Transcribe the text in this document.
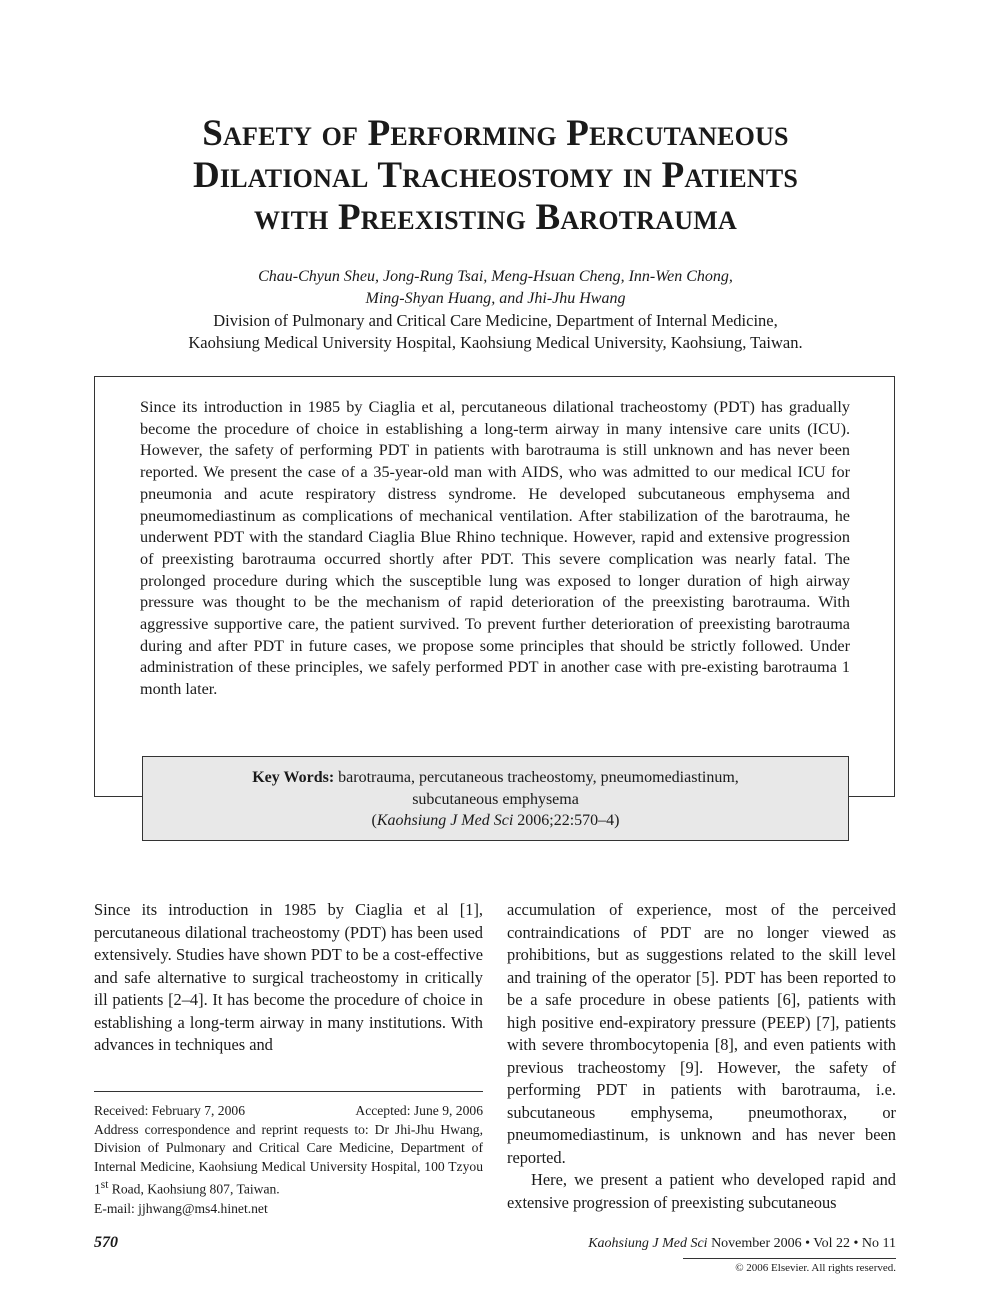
Safety of Performing Percutaneous
Dilational Tracheostomy in Patients
with Preexisting Barotrauma
Chau-Chyun Sheu, Jong-Rung Tsai, Meng-Hsuan Cheng, Inn-Wen Chong,
Ming-Shyan Huang, and Jhi-Jhu Hwang
Division of Pulmonary and Critical Care Medicine, Department of Internal Medicine,
Kaohsiung Medical University Hospital, Kaohsiung Medical University, Kaohsiung, Taiwan.
Since its introduction in 1985 by Ciaglia et al, percutaneous dilational tracheostomy (PDT) has gradually become the procedure of choice in establishing a long-term airway in many intensive care units (ICU). However, the safety of performing PDT in patients with barotrauma is still unknown and has never been reported. We present the case of a 35-year-old man with AIDS, who was admitted to our medical ICU for pneumonia and acute respiratory distress syndrome. He developed subcutaneous emphysema and pneumomediastinum as complications of mechanical ventilation. After stabilization of the barotrauma, he underwent PDT with the standard Ciaglia Blue Rhino technique. However, rapid and extensive progression of preexisting barotrauma occurred shortly after PDT. This severe complication was nearly fatal. The prolonged procedure during which the susceptible lung was exposed to longer duration of high airway pressure was thought to be the mechanism of rapid deterioration of the preexisting barotrauma. With aggressive supportive care, the patient survived. To prevent further deterioration of preexisting barotrauma during and after PDT in future cases, we propose some principles that should be strictly followed. Under administration of these principles, we safely performed PDT in another case with pre-existing barotrauma 1 month later.
Key Words: barotrauma, percutaneous tracheostomy, pneumomediastinum,
subcutaneous emphysema
(Kaohsiung J Med Sci 2006;22:570–4)

Since its introduction in 1985 by Ciaglia et al [1], percutaneous dilational tracheostomy (PDT) has been used extensively. Studies have shown PDT to be a cost-effective and safe alternative to surgical tracheostomy in critically ill patients [2–4]. It has become the procedure of choice in establishing a long-term airway in many institutions. With advances in techniques and

accumulation of experience, most of the perceived contraindications of PDT are no longer viewed as prohibitions, but as suggestions related to the skill level and training of the operator [5]. PDT has been reported to be a safe procedure in obese patients [6], patients with high positive end-expiratory pressure (PEEP) [7], patients with severe thrombocytopenia [8], and even patients with previous tracheostomy [9]. However, the safety of performing PDT in patients with barotrauma, i.e. subcutaneous emphysema, pneumothorax, or pneumomediastinum, is unknown and has never been reported.

Here, we present a patient who developed rapid and extensive progression of preexisting subcutaneous

Received: February 7, 2006	Accepted: June 9, 2006
Address correspondence and reprint requests to: Dr Jhi-Jhu Hwang, Division of Pulmonary and Critical Care Medicine, Department of Internal Medicine, Kaohsiung Medical University Hospital, 100 Tzyou 1st Road, Kaohsiung 807, Taiwan.
E-mail: jjhwang@ms4.hinet.net
570	Kaohsiung J Med Sci November 2006 • Vol 22 • No 11
© 2006 Elsevier. All rights reserved.
